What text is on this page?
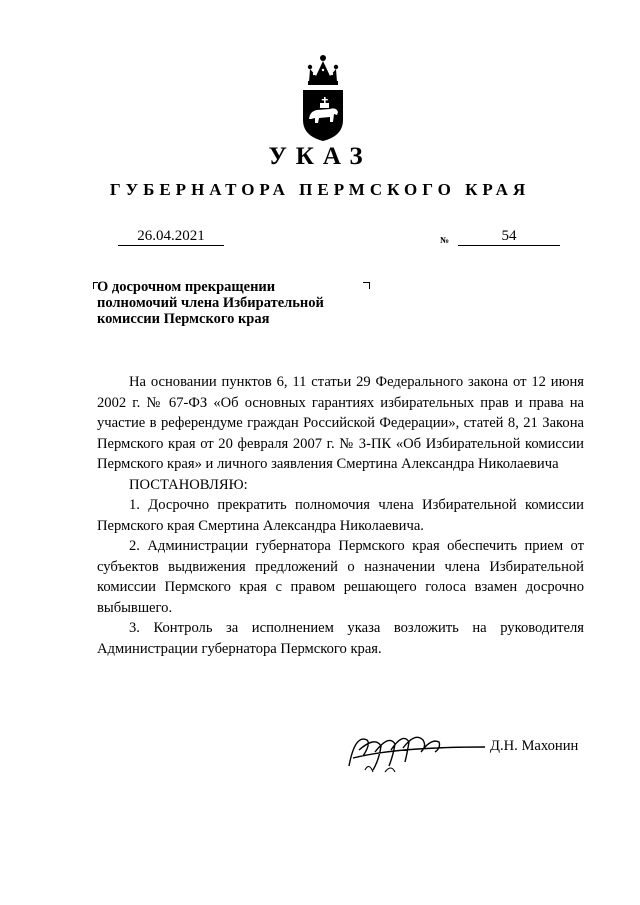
УКАЗ
ГУБЕРНАТОРА ПЕРМСКОГО КРАЯ
26.04.2021	№	54
О досрочном прекращении
полномочий члена Избирательной
комиссии Пермского края

На основании пунктов 6, 11 статьи 29 Федерального закона от 12 июня 2002 г. № 67-ФЗ «Об основных гарантиях избирательных прав и права на участие в референдуме граждан Российской Федерации», статей 8, 21 Закона Пермского края от 20 февраля 2007 г. № 3-ПК «Об Избирательной комиссии Пермского края» и личного заявления Смертина Александра Николаевича

ПОСТАНОВЛЯЮ:

1. Досрочно прекратить полномочия члена Избирательной комиссии Пермского края Смертина Александра Николаевича.

2. Администрации губернатора Пермского края обеспечить прием от субъектов выдвижения предложений о назначении члена Избирательной комиссии Пермского края с правом решающего голоса взамен досрочно выбывшего.

3. Контроль за исполнением указа возложить на руководителя Администрации губернатора Пермского края.

Д.Н. Махонин
